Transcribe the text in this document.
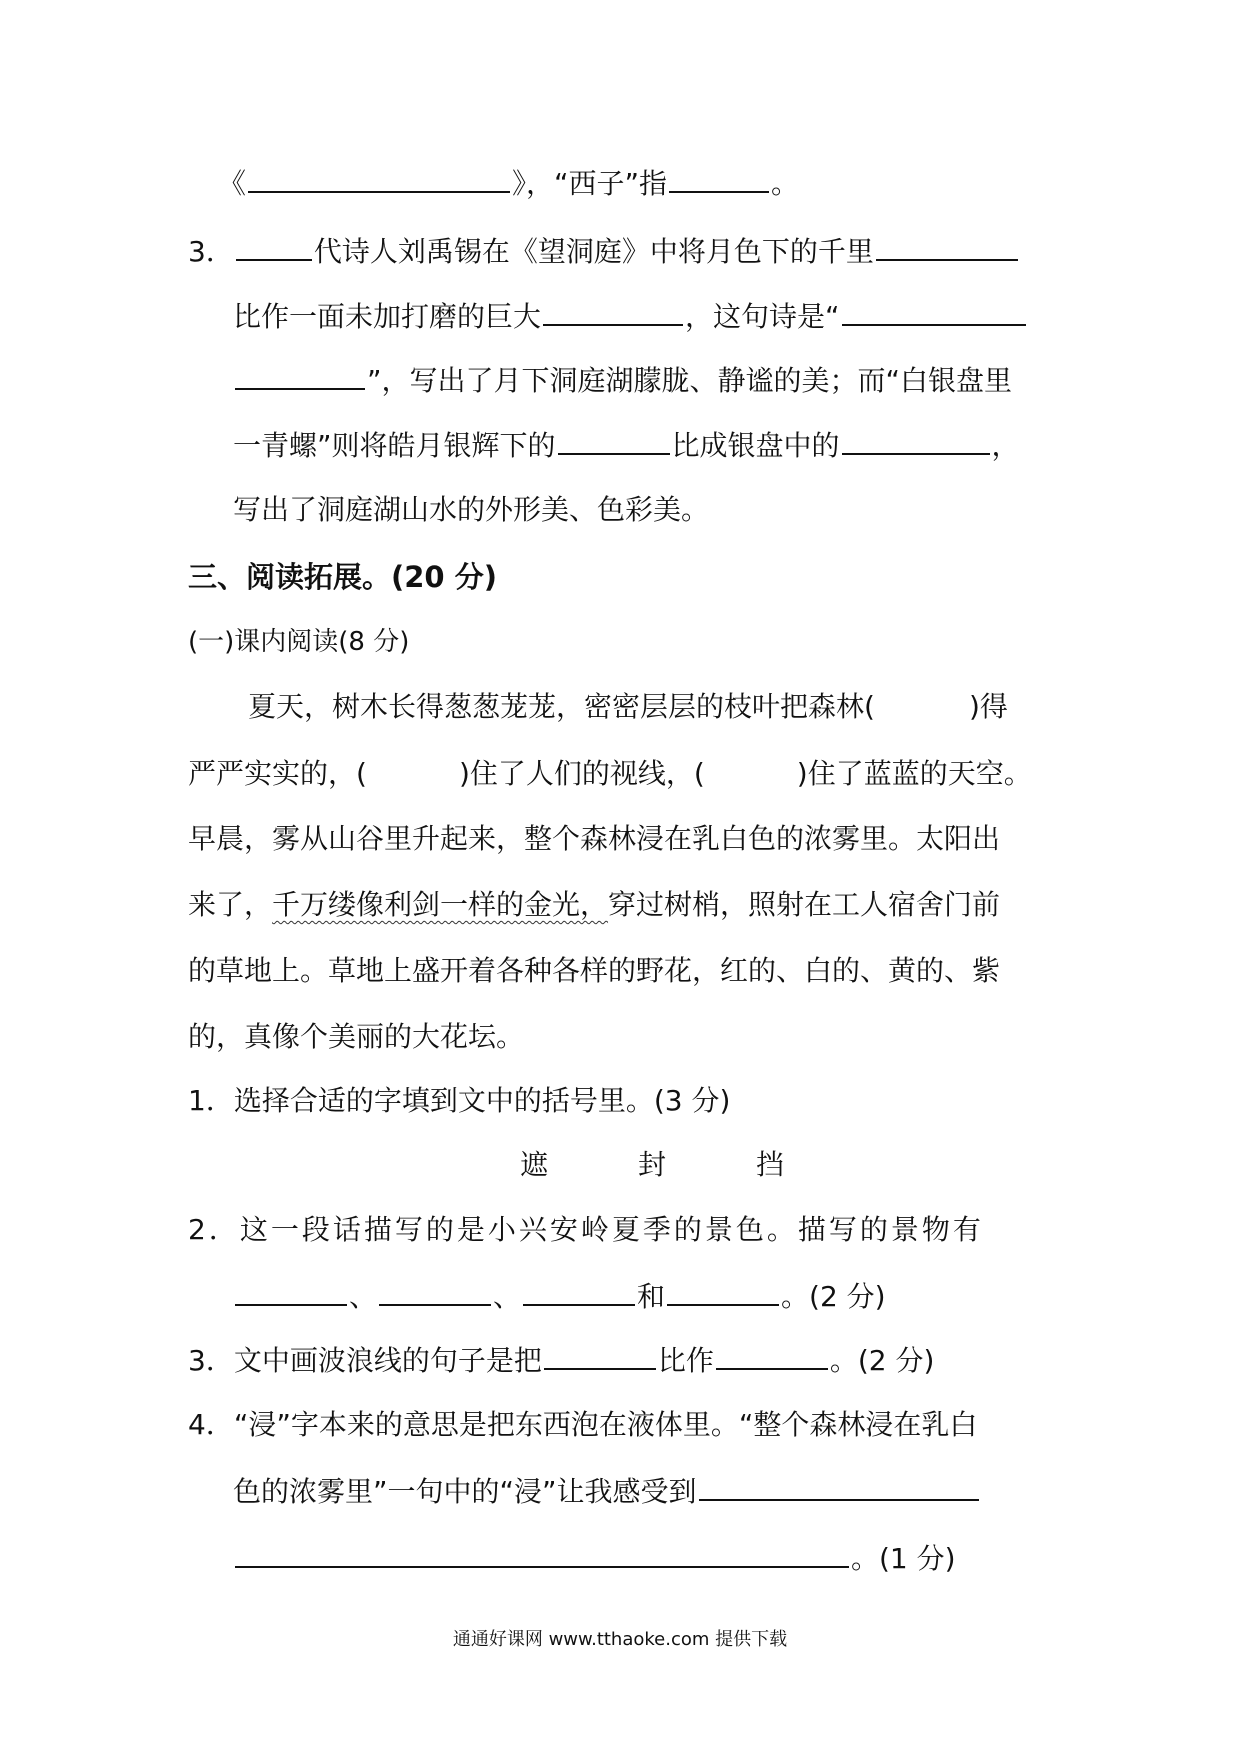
《	》，“西子”指	。
3．	代诗人刘禹锡在《望洞庭》中将月色下的千里
比作一面未加打磨的巨大	，这句诗是“
”，写出了月下洞庭湖朦胧、静谧的美；而“白银盘里
一青螺”则将皓月银辉下的	比成银盘中的	，
写出了洞庭湖山水的外形美、色彩美。
三、阅读拓展。(20 分)
(一)课内阅读(8 分)
夏天，树木长得葱葱茏茏，密密层层的枝叶把森林(	)得
严严实实的，(	)住了人们的视线，(	)住了蓝蓝的天空。
早晨，雾从山谷里升起来，整个森林浸在乳白色的浓雾里。太阳出
来了，千万缕像利剑一样的金光，穿过树梢，照射在工人宿舍门前
的草地上。草地上盛开着各种各样的野花，红的、白的、黄的、紫
的，真像个美丽的大花坛。
1．选择合适的字填到文中的括号里。(3 分)
遮	封	挡
2．这一段话描写的是小兴安岭夏季的景色。描写的景物有
、	、	和	。(2 分)
3．文中画波浪线的句子是把	比作	。(2 分)
4．“浸”字本来的意思是把东西泡在液体里。“整个森林浸在乳白
色的浓雾里”一句中的“浸”让我感受到
。(1 分)
通通好课网 www.tthaoke.com 提供下载
